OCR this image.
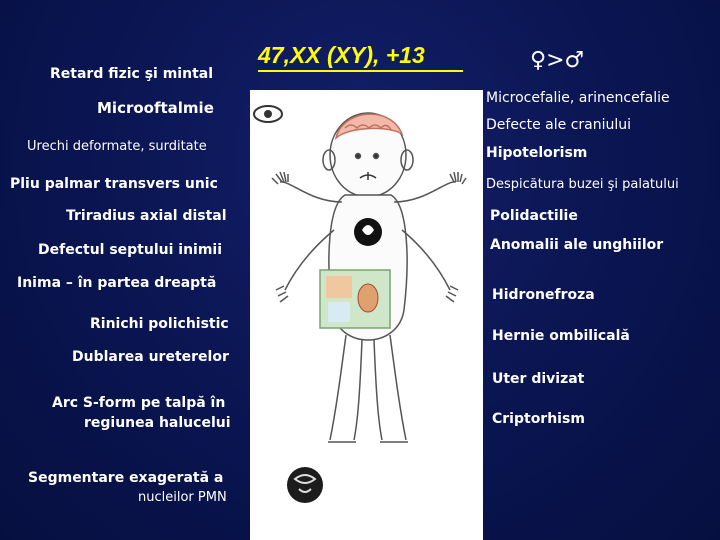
47,XX (XY), +13	♀>♂
Retard fizic şi mintal
Microoftalmie
Urechi deformate, surditate
Pliu palmar transvers unic
Triradius axial distal
Defectul septului inimii
Inima – în partea dreaptă
Rinichi polichistic
Dublarea ureterelor
Arc S-form pe talpă în
regiunea halucelui
Segmentare exagerată a
nucleilor PMN
Microcefalie, arinencefalie
Defecte ale craniului
Hipotelorism
Despicătura buzei şi palatului
Polidactilie
Anomalii ale unghiilor
Hidronefroza
Hernie ombilicală
Uter divizat
Criptorhism
